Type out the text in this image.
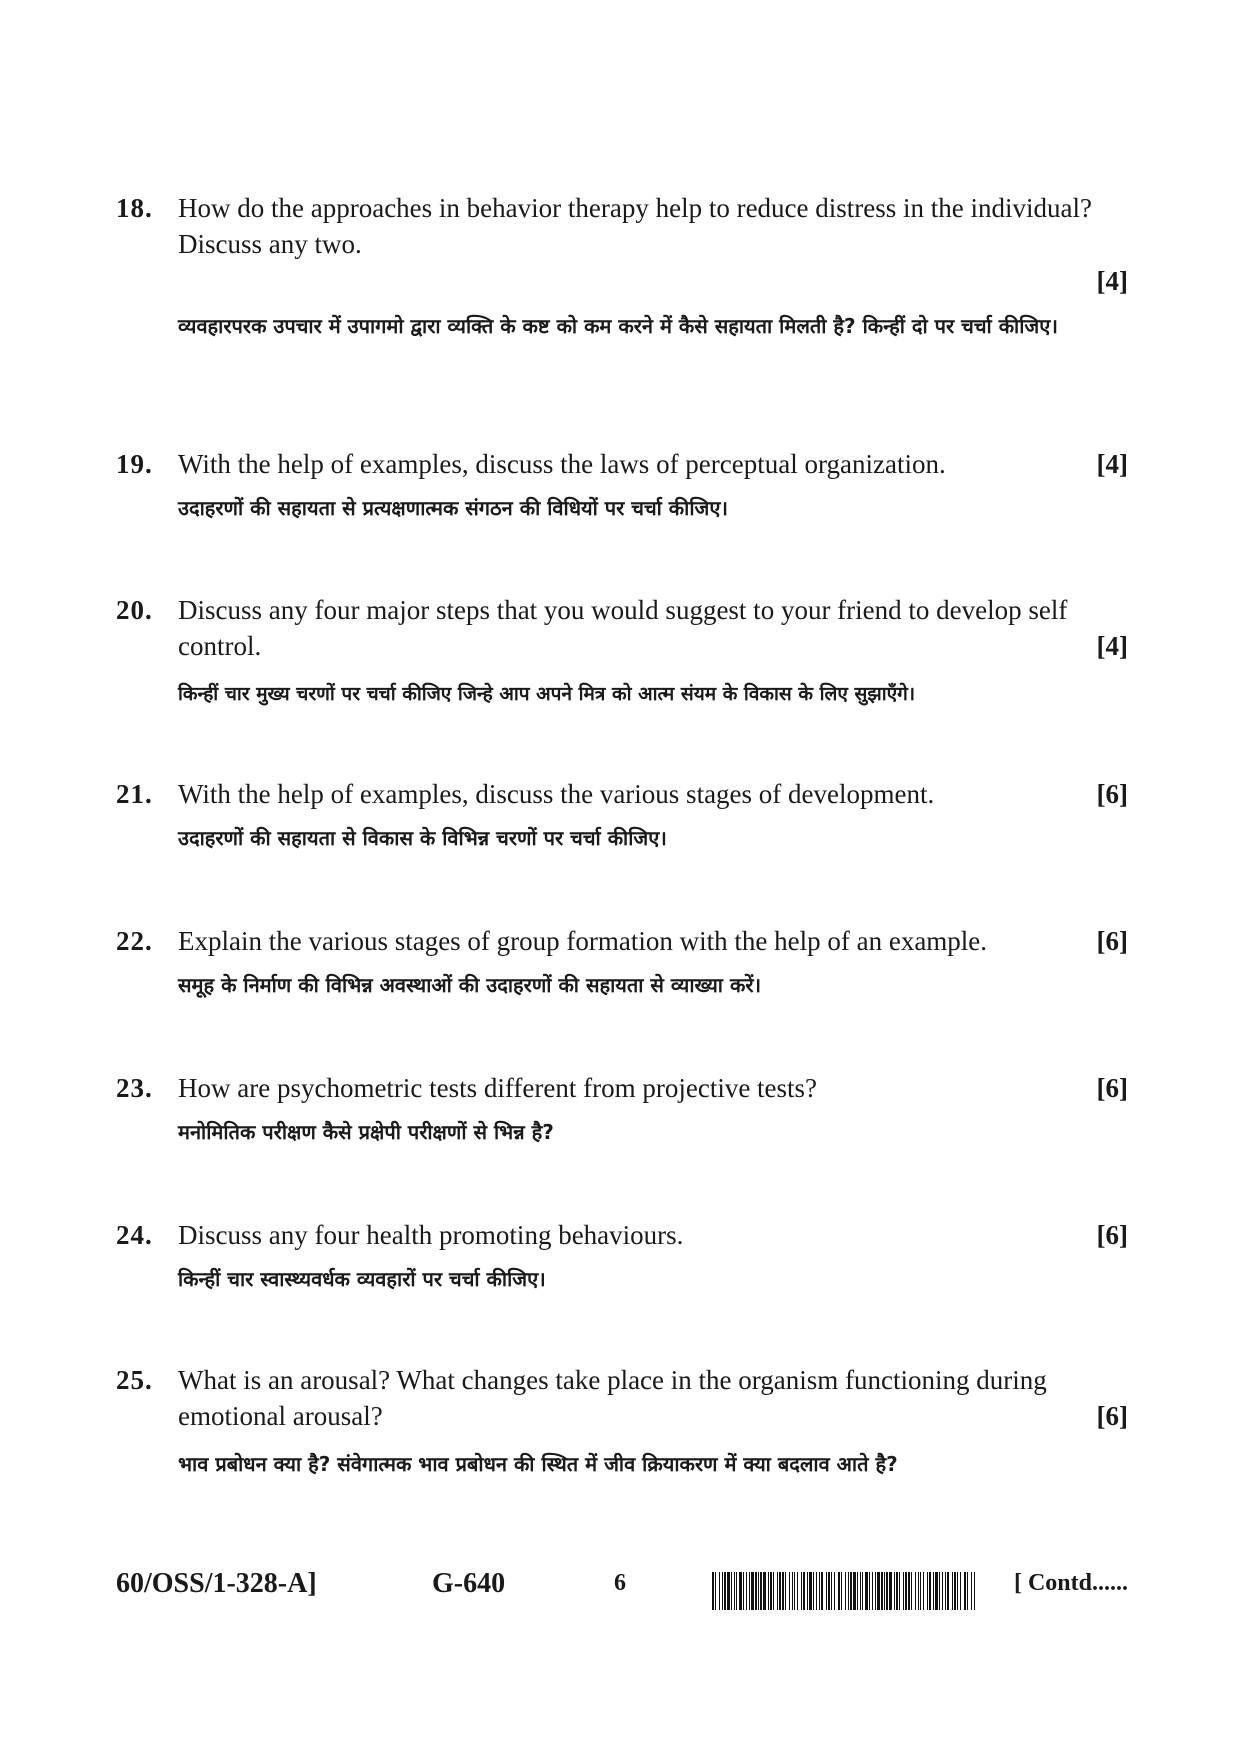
18. How do the approaches in behavior therapy help to reduce distress in the individual? Discuss any two.

[4]

व्यवहारपरक उपचार में उपागमो द्वारा व्यक्ति के कष्ट को कम करने में कैसे सहायता मिलती है? किन्हीं दो पर चर्चा कीजिए।

19. With the help of examples, discuss the laws of perceptual organization.	[4]

उदाहरणों की सहायता से प्रत्यक्षणात्मक संगठन की विधियों पर चर्चा कीजिए।

20. Discuss any four major steps that you would suggest to your friend to develop self control.	[4]

किन्हीं चार मुख्य चरणों पर चर्चा कीजिए जिन्हे आप अपने मित्र को आत्म संयम के विकास के लिए सुझाएँगे।

21. With the help of examples, discuss the various stages of development.	[6]

उदाहरणों की सहायता से विकास के विभिन्न चरणों पर चर्चा कीजिए।

22. Explain the various stages of group formation with the help of an example.	[6]

समूह के निर्माण की विभिन्न अवस्थाओं की उदाहरणों की सहायता से व्याख्या करें।

23. How are psychometric tests different from projective tests?	[6]

मनोमितिक परीक्षण कैसे प्रक्षेपी परीक्षणों से भिन्न है?

24. Discuss any four health promoting behaviours.	[6]

किन्हीं चार स्वास्थ्यवर्धक व्यवहारों पर चर्चा कीजिए।

25. What is an arousal? What changes take place in the organism functioning during emotional arousal?	[6]

भाव प्रबोधन क्या है? संवेगात्मक भाव प्रबोधन की स्थित में जीव क्रियाकरण में क्या बदलाव आते है?

60/OSS/1-328-A]	G-640	6	[ Contd......
